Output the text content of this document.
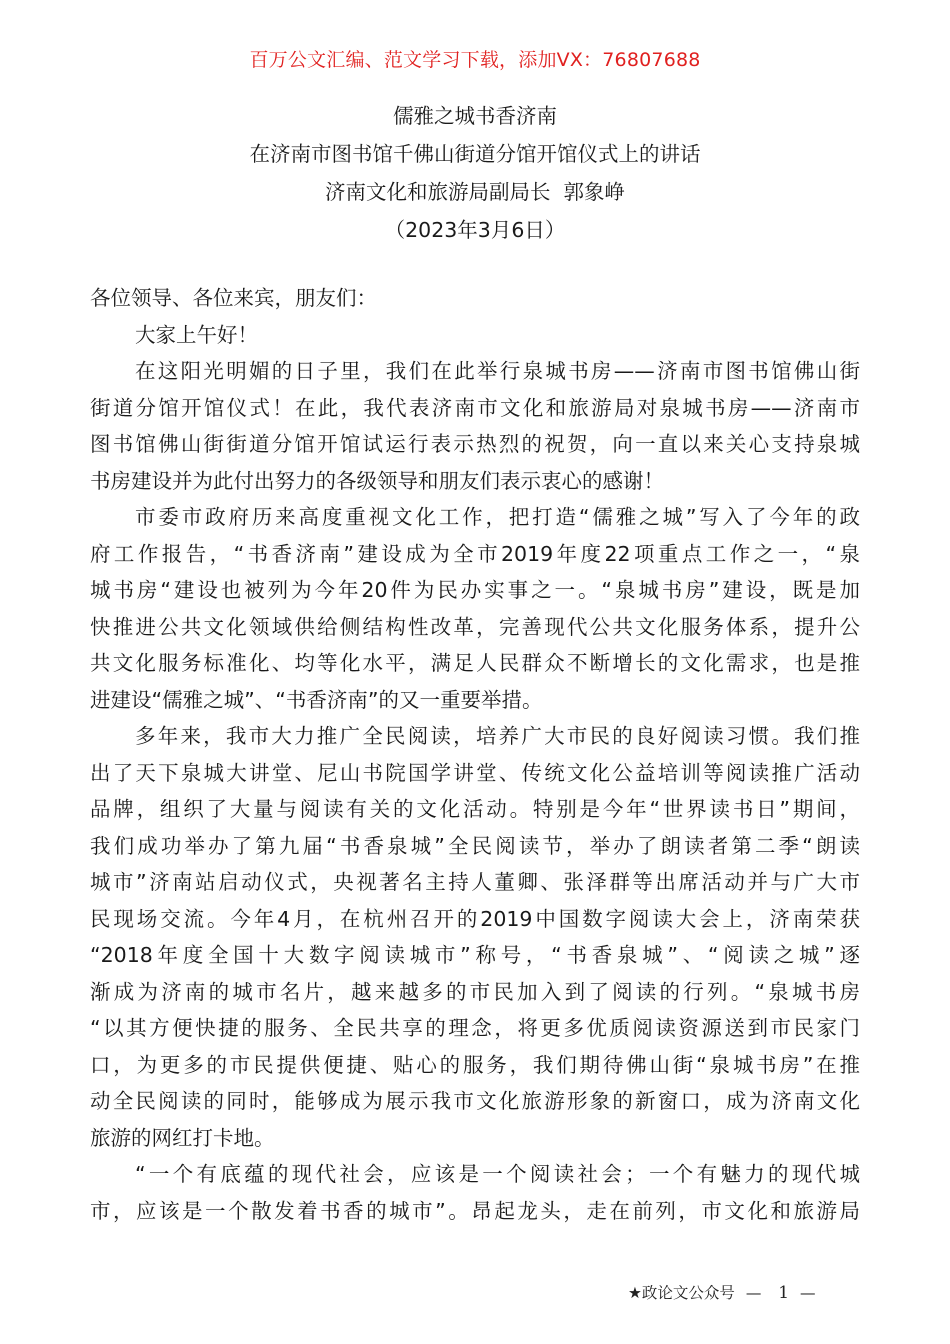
百万公文汇编、范文学习下载，添加VX：76807688
儒雅之城书香济南
在济南市图书馆千佛山街道分馆开馆仪式上的讲话
济南文化和旅游局副局长  郭象峥
（2023年3月6日）
各位领导、各位来宾，朋友们：
大家上午好！
在这阳光明媚的日子里，我们在此举行泉城书房——济南市图书馆佛山街
街道分馆开馆仪式！在此，我代表济南市文化和旅游局对泉城书房——济南市
图书馆佛山街街道分馆开馆试运行表示热烈的祝贺，向一直以来关心支持泉城
书房建设并为此付出努力的各级领导和朋友们表示衷心的感谢！
市委市政府历来高度重视文化工作，把打造“儒雅之城”写入了今年的政
府工作报告，“书香济南”建设成为全市2019年度22项重点工作之一，“泉
城书房“建设也被列为今年20件为民办实事之一。“泉城书房”建设，既是加
快推进公共文化领域供给侧结构性改革，完善现代公共文化服务体系，提升公
共文化服务标准化、均等化水平，满足人民群众不断增长的文化需求，也是推
进建设“儒雅之城”、“书香济南”的又一重要举措。
多年来，我市大力推广全民阅读，培养广大市民的良好阅读习惯。我们推
出了天下泉城大讲堂、尼山书院国学讲堂、传统文化公益培训等阅读推广活动
品牌，组织了大量与阅读有关的文化活动。特别是今年“世界读书日”期间，
我们成功举办了第九届“书香泉城”全民阅读节，举办了朗读者第二季“朗读
城市”济南站启动仪式，央视著名主持人董卿、张泽群等出席活动并与广大市
民现场交流。今年4月，在杭州召开的2019中国数字阅读大会上，济南荣获
“2018年度全国十大数字阅读城市”称号，“书香泉城”、“阅读之城”逐
渐成为济南的城市名片，越来越多的市民加入到了阅读的行列。“泉城书房
“以其方便快捷的服务、全民共享的理念，将更多优质阅读资源送到市民家门
口，为更多的市民提供便捷、贴心的服务，我们期待佛山街“泉城书房”在推
动全民阅读的同时，能够成为展示我市文化旅游形象的新窗口，成为济南文化
旅游的网红打卡地。
“一个有底蕴的现代社会，应该是一个阅读社会；一个有魅力的现代城
市，应该是一个散发着书香的城市”。昂起龙头，走在前列，市文化和旅游局
★政论文公众号 — 1 —
